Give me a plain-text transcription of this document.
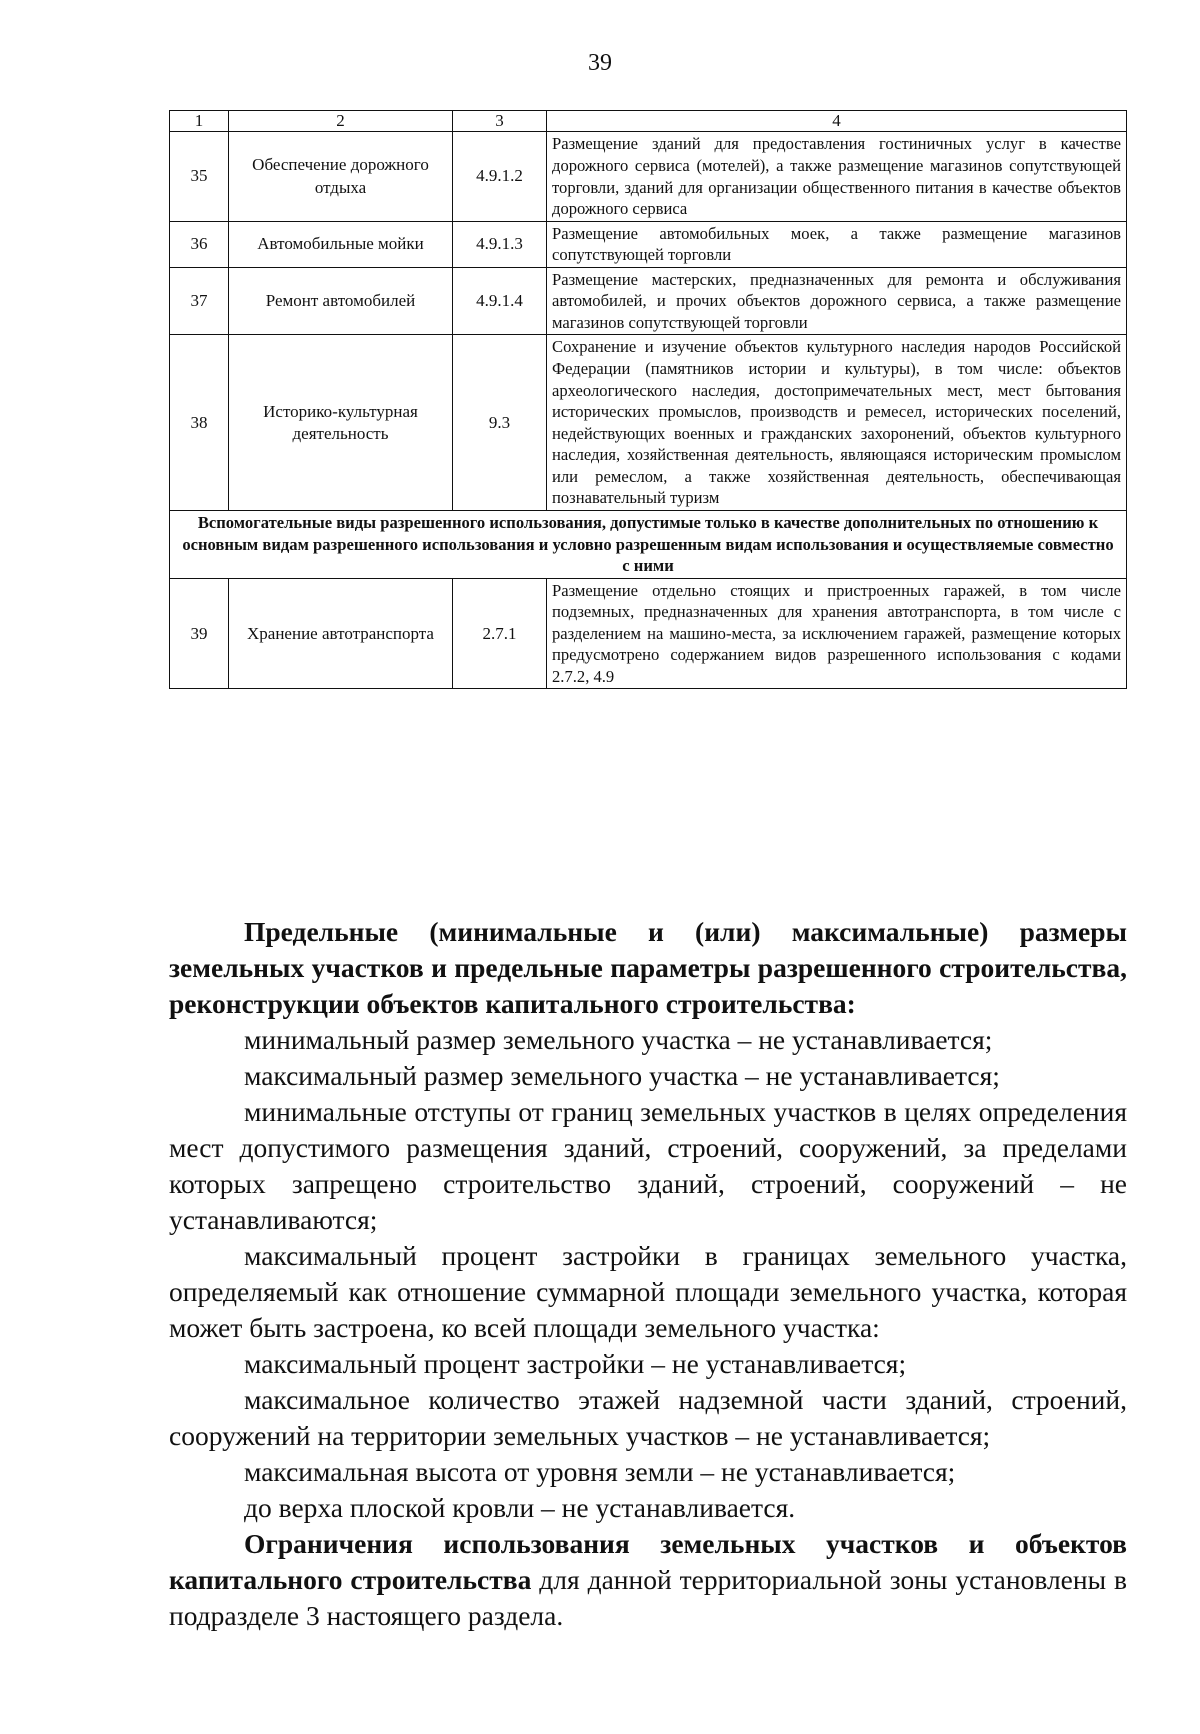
39
1	2	3	4
35	Обеспечение дорожного отдыха	4.9.1.2	Размещение зданий для предоставления гостиничных услуг в качестве дорожного сервиса (мотелей), а также размещение магазинов сопутствующей торговли, зданий для организации общественного питания в качестве объектов дорожного сервиса
36	Автомобильные мойки	4.9.1.3	Размещение автомобильных моек, а также размещение магазинов сопутствующей торговли
37	Ремонт автомобилей	4.9.1.4	Размещение мастерских, предназначенных для ремонта и обслуживания автомобилей, и прочих объектов дорожного сервиса, а также размещение магазинов сопутствующей торговли
38	Историко-культурная деятельность	9.3	Сохранение и изучение объектов культурного наследия народов Российской Федерации (памятников истории и культуры), в том числе: объектов археологического наследия, достопримечательных мест, мест бытования исторических промыслов, производств и ремесел, исторических поселений, недействующих военных и гражданских захоронений, объектов культурного наследия, хозяйственная деятельность, являющаяся историческим промыслом или ремеслом, а также хозяйственная деятельность, обеспечивающая познавательный туризм
Вспомогательные виды разрешенного использования, допустимые только в качестве дополнительных по отношению к основным видам разрешенного использования и условно разрешенным видам использования и осуществляемые совместно с ними			
39	Хранение автотранспорта	2.7.1	Размещение отдельно стоящих и пристроенных гаражей, в том числе подземных, предназначенных для хранения автотранспорта, в том числе с разделением на машино-места, за исключением гаражей, размещение которых предусмотрено содержанием видов разрешенного использования с кодами 2.7.2, 4.9

Предельные (минимальные и (или) максимальные) размеры земельных участков и предельные параметры разрешенного строительства, реконструкции объектов капитального строительства:

минимальный размер земельного участка – не устанавливается;

максимальный размер земельного участка – не устанавливается;

минимальные отступы от границ земельных участков в целях определения мест допустимого размещения зданий, строений, сооружений, за пределами которых запрещено строительство зданий, строений, сооружений – не устанавливаются;

максимальный процент застройки в границах земельного участка, определяемый как отношение суммарной площади земельного участка, которая может быть застроена, ко всей площади земельного участка:

максимальный процент застройки – не устанавливается;

максимальное количество этажей надземной части зданий, строений, сооружений на территории земельных участков – не устанавливается;

максимальная высота от уровня земли – не устанавливается;

до верха плоской кровли – не устанавливается.

Ограничения использования земельных участков и объектов капитального строительства для данной территориальной зоны установлены в подразделе 3 настоящего раздела.
